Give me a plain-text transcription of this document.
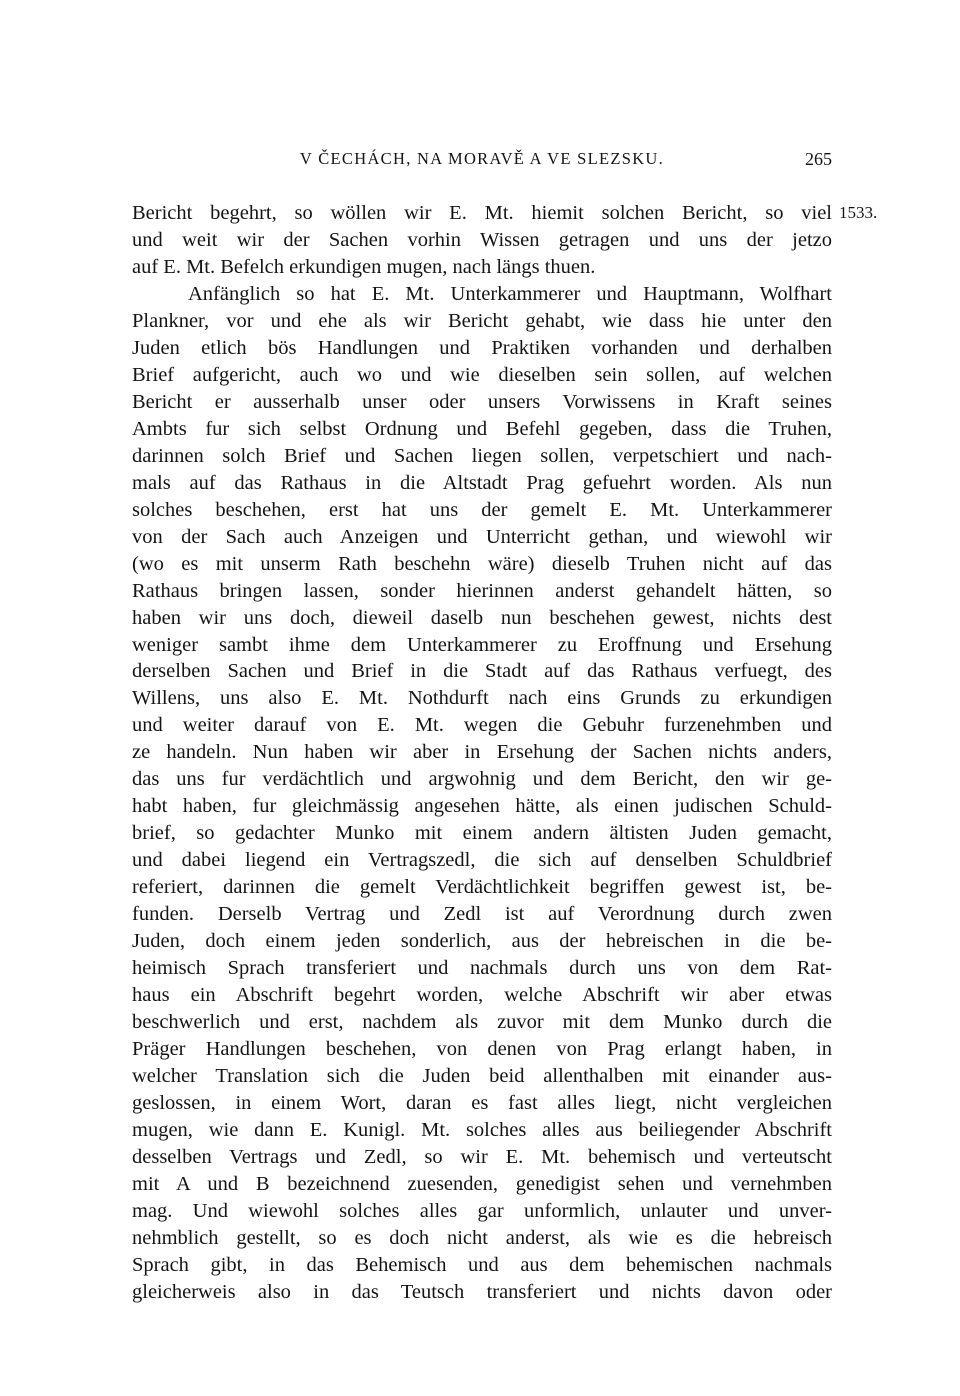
V ČECHÁCH, NA MORAVĚ A VE SLEZSKU.	265
1533.
Bericht begehrt, so wöllen wir E. Mt. hiemit solchen Bericht, so viel
und weit wir der Sachen vorhin Wissen getragen und uns der jetzo
auf E. Mt. Befelch erkundigen mugen, nach längs thuen.
Anfänglich so hat E. Mt. Unterkammerer und Hauptmann, Wolfhart
Plankner, vor und ehe als wir Bericht gehabt, wie dass hie unter den
Juden etlich bös Handlungen und Praktiken vorhanden und derhalben
Brief aufgericht, auch wo und wie dieselben sein sollen, auf welchen
Bericht er ausserhalb unser oder unsers Vorwissens in Kraft seines
Ambts fur sich selbst Ordnung und Befehl gegeben, dass die Truhen,
darinnen solch Brief und Sachen liegen sollen, verpetschiert und nach-
mals auf das Rathaus in die Altstadt Prag gefuehrt worden. Als nun
solches beschehen, erst hat uns der gemelt E. Mt. Unterkammerer
von der Sach auch Anzeigen und Unterricht gethan, und wiewohl wir
(wo es mit unserm Rath beschehn wäre) dieselb Truhen nicht auf das
Rathaus bringen lassen, sonder hierinnen anderst gehandelt hätten, so
haben wir uns doch, dieweil daselb nun beschehen gewest, nichts dest
weniger sambt ihme dem Unterkammerer zu Eroffnung und Ersehung
derselben Sachen und Brief in die Stadt auf das Rathaus verfuegt, des
Willens, uns also E. Mt. Nothdurft nach eins Grunds zu erkundigen
und weiter darauf von E. Mt. wegen die Gebuhr furzenehmben und
ze handeln. Nun haben wir aber in Ersehung der Sachen nichts anders,
das uns fur verdächtlich und argwohnig und dem Bericht, den wir ge-
habt haben, fur gleichmässig angesehen hätte, als einen judischen Schuld-
brief, so gedachter Munko mit einem andern ältisten Juden gemacht,
und dabei liegend ein Vertragszedl, die sich auf denselben Schuldbrief
referiert, darinnen die gemelt Verdächtlichkeit begriffen gewest ist, be-
funden. Derselb Vertrag und Zedl ist auf Verordnung durch zwen
Juden, doch einem jeden sonderlich, aus der hebreischen in die be-
heimisch Sprach transferiert und nachmals durch uns von dem Rat-
haus ein Abschrift begehrt worden, welche Abschrift wir aber etwas
beschwerlich und erst, nachdem als zuvor mit dem Munko durch die
Präger Handlungen beschehen, von denen von Prag erlangt haben, in
welcher Translation sich die Juden beid allenthalben mit einander aus-
geslossen, in einem Wort, daran es fast alles liegt, nicht vergleichen
mugen, wie dann E. Kunigl. Mt. solches alles aus beiliegender Abschrift
desselben Vertrags und Zedl, so wir E. Mt. behemisch und verteutscht
mit A und B bezeichnend zuesenden, genedigist sehen und vernehmben
mag. Und wiewohl solches alles gar unformlich, unlauter und unver-
nehmblich gestellt, so es doch nicht anderst, als wie es die hebreisch
Sprach gibt, in das Behemisch und aus dem behemischen nachmals
gleicherweis also in das Teutsch transferiert und nichts davon oder
